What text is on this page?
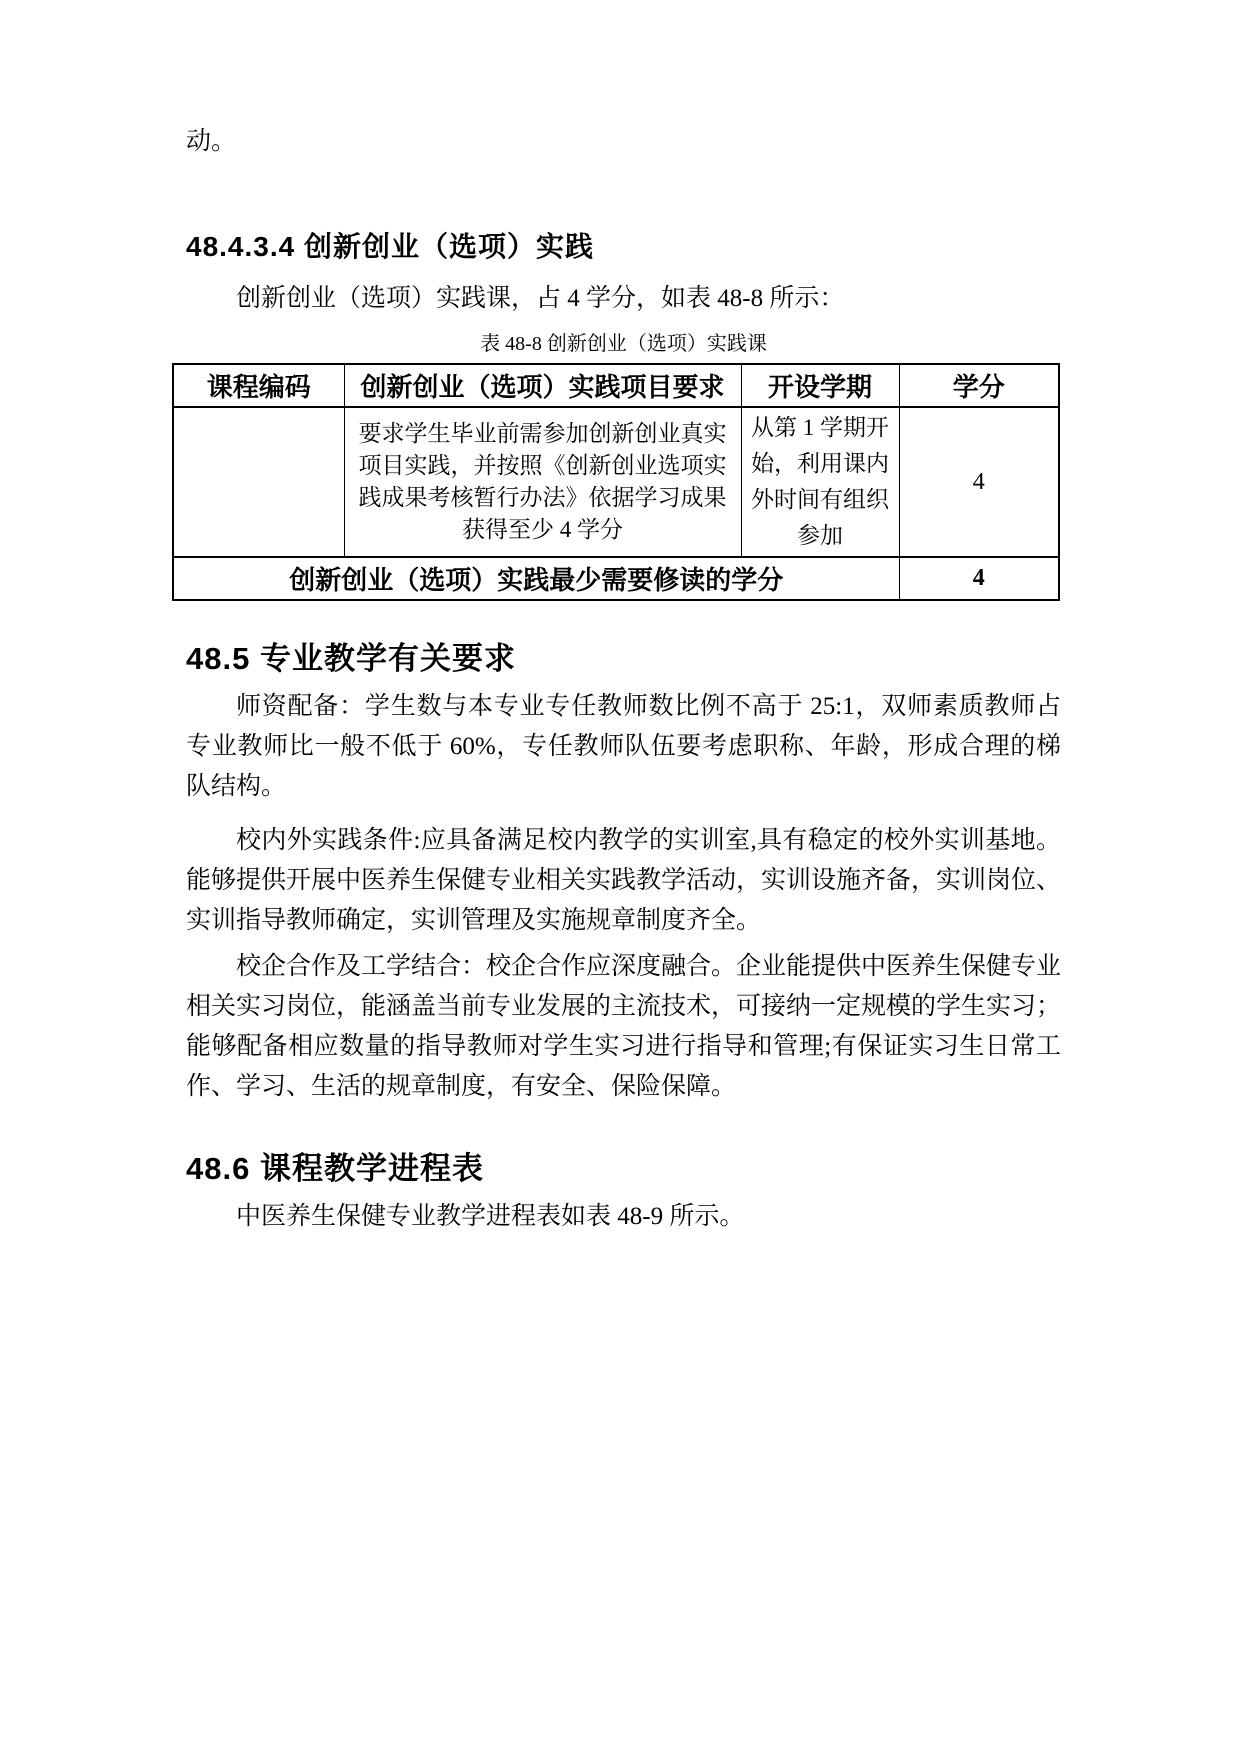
动。

48.4.3.4 创新创业（选项）实践

创新创业（选项）实践课，占 4 学分，如表 48-8 所示：

表 48-8 创新创业（选项）实践课

课程编码	创新创业（选项）实践项目要求	开设学期	学分
	要求学生毕业前需参加创新创业真实项目实践，并按照《创新创业选项实践成果考核暂行办法》依据学习成果获得至少 4 学分	从第 1 学期开始，利用课内外时间有组织参加	4
创新创业（选项）实践最少需要修读的学分			4
48.5 专业教学有关要求

师资配备：学生数与本专业专任教师数比例不高于 25:1，双师素质教师占专业教师比一般不低于 60%，专任教师队伍要考虑职称、年龄，形成合理的梯队结构。

校内外实践条件:应具备满足校内教学的实训室,具有稳定的校外实训基地。能够提供开展中医养生保健专业相关实践教学活动，实训设施齐备，实训岗位、实训指导教师确定，实训管理及实施规章制度齐全。

校企合作及工学结合：校企合作应深度融合。企业能提供中医养生保健专业相关实习岗位，能涵盖当前专业发展的主流技术，可接纳一定规模的学生实习；能够配备相应数量的指导教师对学生实习进行指导和管理;有保证实习生日常工作、学习、生活的规章制度，有安全、保险保障。

48.6 课程教学进程表

中医养生保健专业教学进程表如表 48-9 所示。
